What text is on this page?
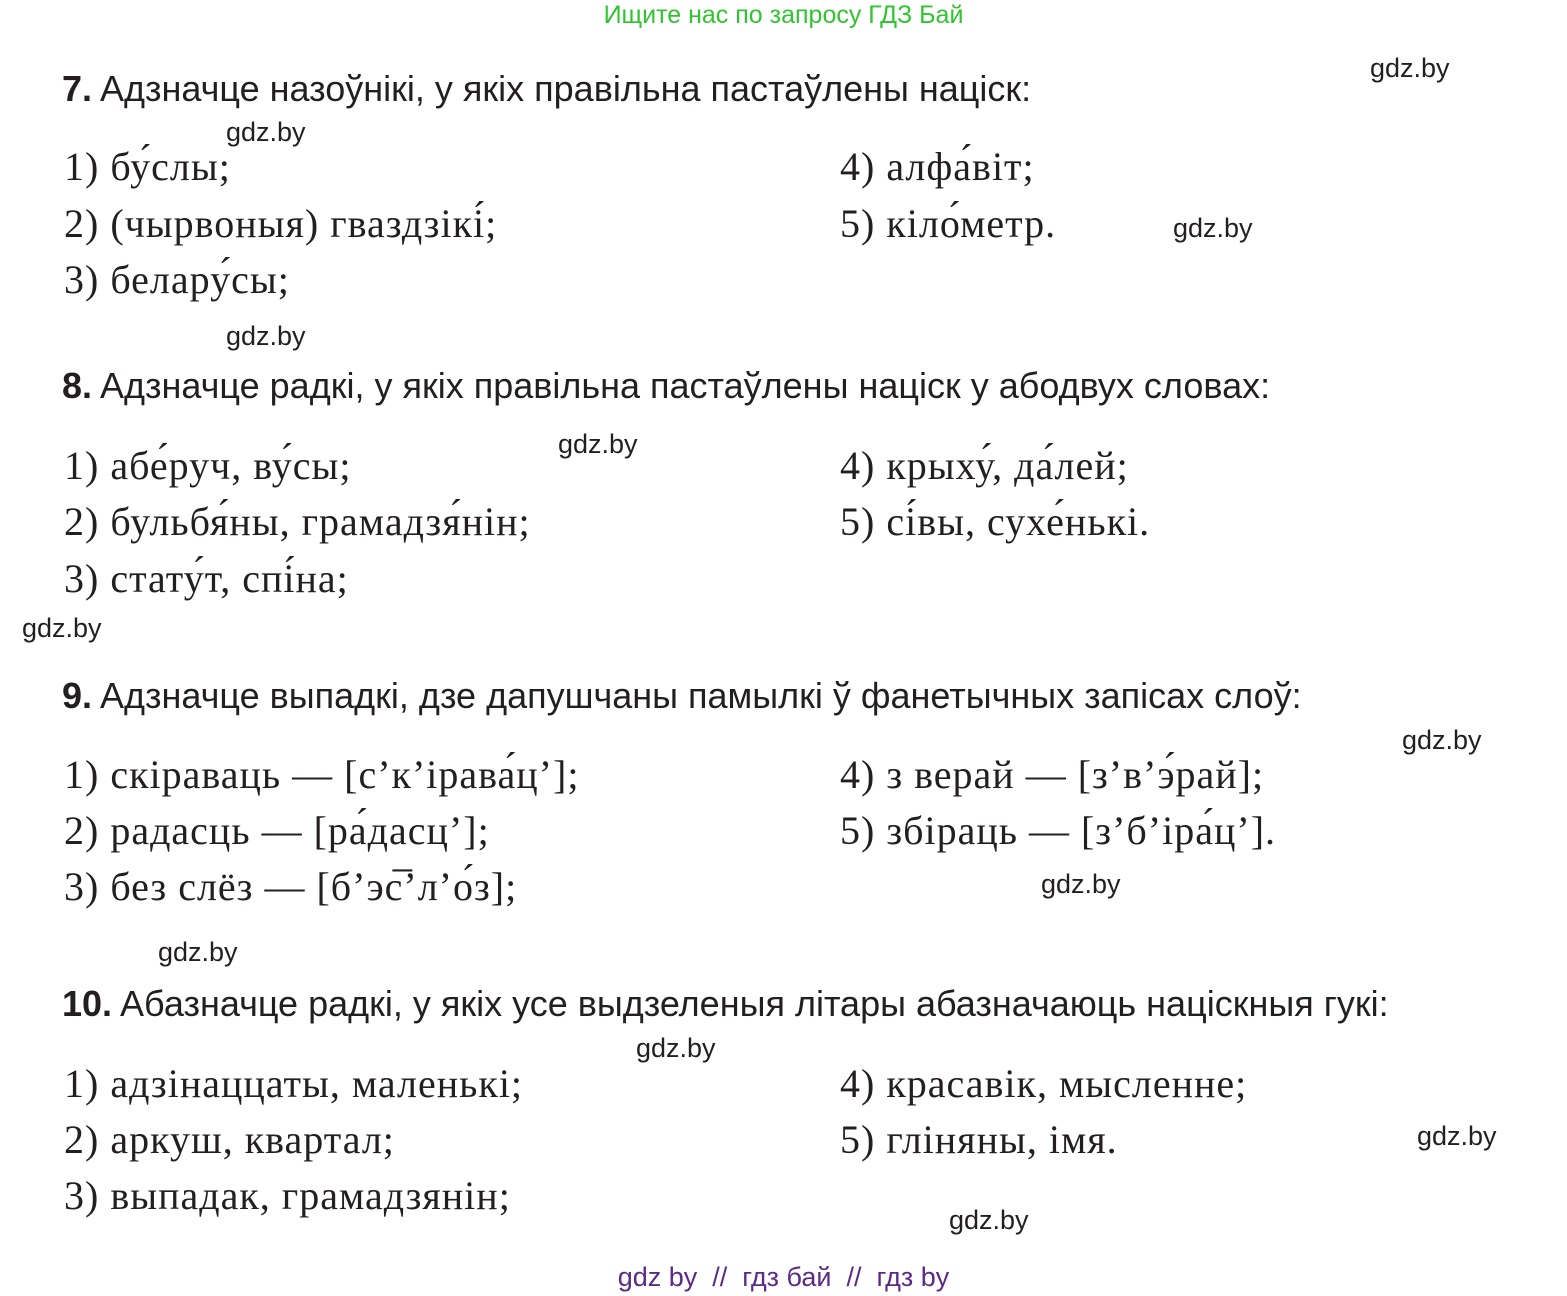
Ищите нас по запросу ГДЗ Бай
gdz.by
gdz.by
gdz.by
gdz.by
gdz.by
gdz.by
gdz.by
gdz.by
gdz.by
gdz.by
gdz.by
gdz.by
7. Адзначце назоўнікі, у якіх правільна пастаўлены націск:
1) бу́слы;	4) алфа́віт;
2) (чырвоныя) гваздзікі́;	5) кіло́метр.
3) белару́сы;
8. Адзначце радкі, у якіх правільна пастаўлены націск у абодвух словах:
1) абе́руч, ву́сы;	4) крыху́, да́лей;
2) бульбя́ны, грамадзя́нін;	5) сі́вы, сухе́нькі.
3) стату́т, спі́на;
9. Адзначце выпадкі, дзе дапушчаны памылкі ў фанетычных запісах слоў:
1) скіраваць — [с’к’ірава́ц’];	4) з верай — [з’в’э́рай];
2) радасць — [ра́дасц’];	5) збіраць — [з’б’іра́ц’].
3) без слёз — [б’эс̅’л’о́з];
10. Абазначце радкі, у якіх усе выдзеленыя літары абазначаюць націскныя гукі:
1) адзінаццаты, маленькі;	4) красавік, мысленне;
2) аркуш, квартал;	5) гліняны, імя.
3) выпадак, грамадзянін;
gdz by  //  гдз бай  //  гдз by
